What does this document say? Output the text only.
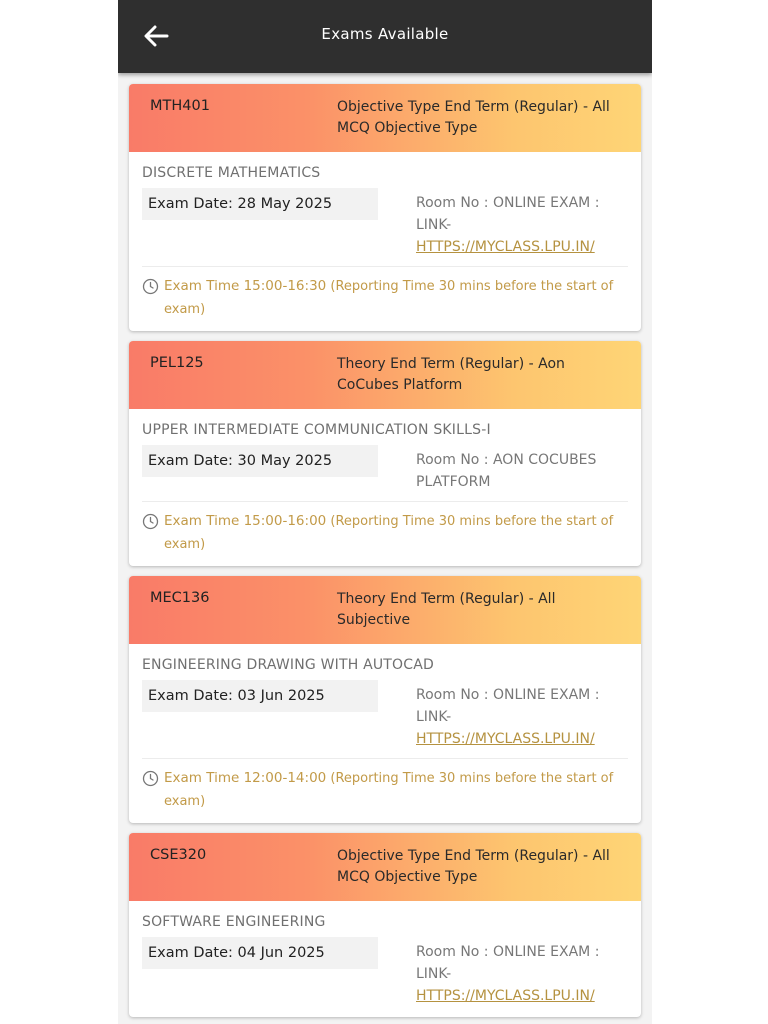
Exams Available
MTH401	Objective Type End Term (Regular) - All MCQ Objective Type
DISCRETE MATHEMATICS
Exam Date: 28 May 2025	Room No : ONLINE EXAM : LINK-
HTTPS://MYCLASS.LPU.IN/
Exam Time 15:00-16:30 (Reporting Time 30 mins before the start of exam)
PEL125	Theory End Term (Regular) - Aon CoCubes Platform
UPPER INTERMEDIATE COMMUNICATION SKILLS-I
Exam Date: 30 May 2025	Room No : AON COCUBES PLATFORM
Exam Time 15:00-16:00 (Reporting Time 30 mins before the start of exam)
MEC136	Theory End Term (Regular) - All Subjective
ENGINEERING DRAWING WITH AUTOCAD
Exam Date: 03 Jun 2025	Room No : ONLINE EXAM : LINK-
HTTPS://MYCLASS.LPU.IN/
Exam Time 12:00-14:00 (Reporting Time 30 mins before the start of exam)
CSE320	Objective Type End Term (Regular) - All MCQ Objective Type
SOFTWARE ENGINEERING
Exam Date: 04 Jun 2025	Room No : ONLINE EXAM : LINK-
HTTPS://MYCLASS.LPU.IN/
